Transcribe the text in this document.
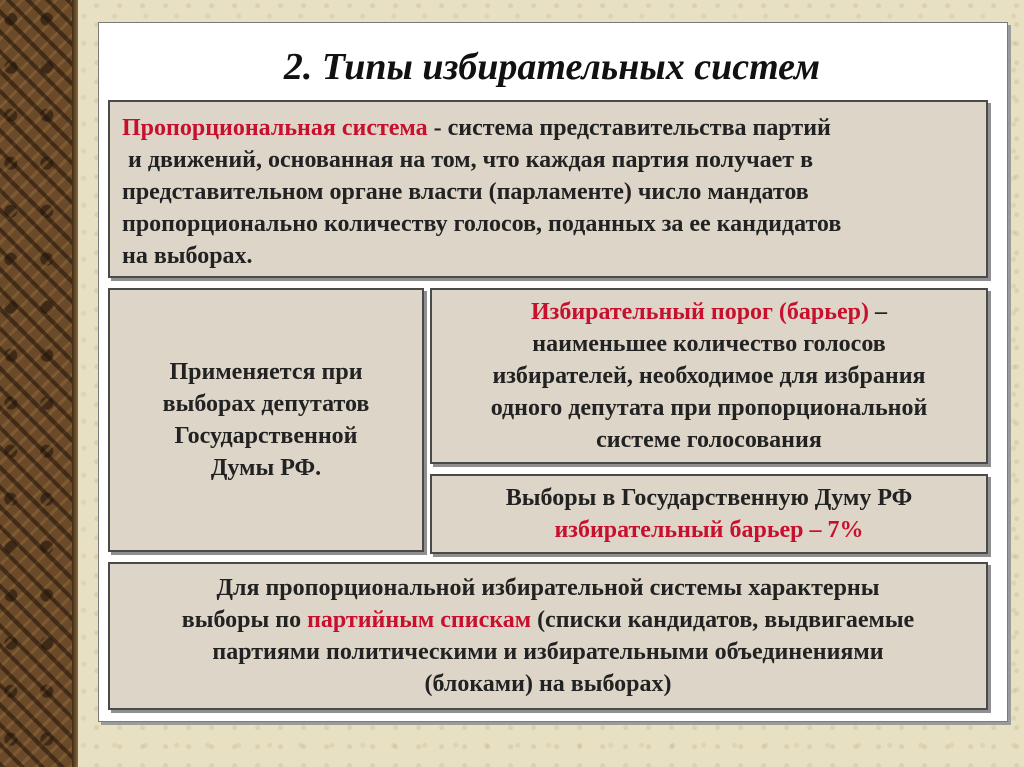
2. Типы избирательных систем
Пропорциональная система - система представительства партий
и движений, основанная на том, что каждая партия получает в
представительном органе власти (парламенте) число мандатов
пропорционально количеству голосов, поданных за ее кандидатов
на выборах.
Применяется при
выборах депутатов
Государственной
Думы РФ.
Избирательный порог (барьер) –
наименьшее количество голосов
избирателей, необходимое для избрания
одного депутата при пропорциональной
системе голосования
Выборы в Государственную Думу РФ
избирательный барьер – 7%
Для пропорциональной избирательной системы характерны
выборы по партийным спискам (списки кандидатов, выдвигаемые
партиями политическими и избирательными объединениями
(блоками) на выборах)
